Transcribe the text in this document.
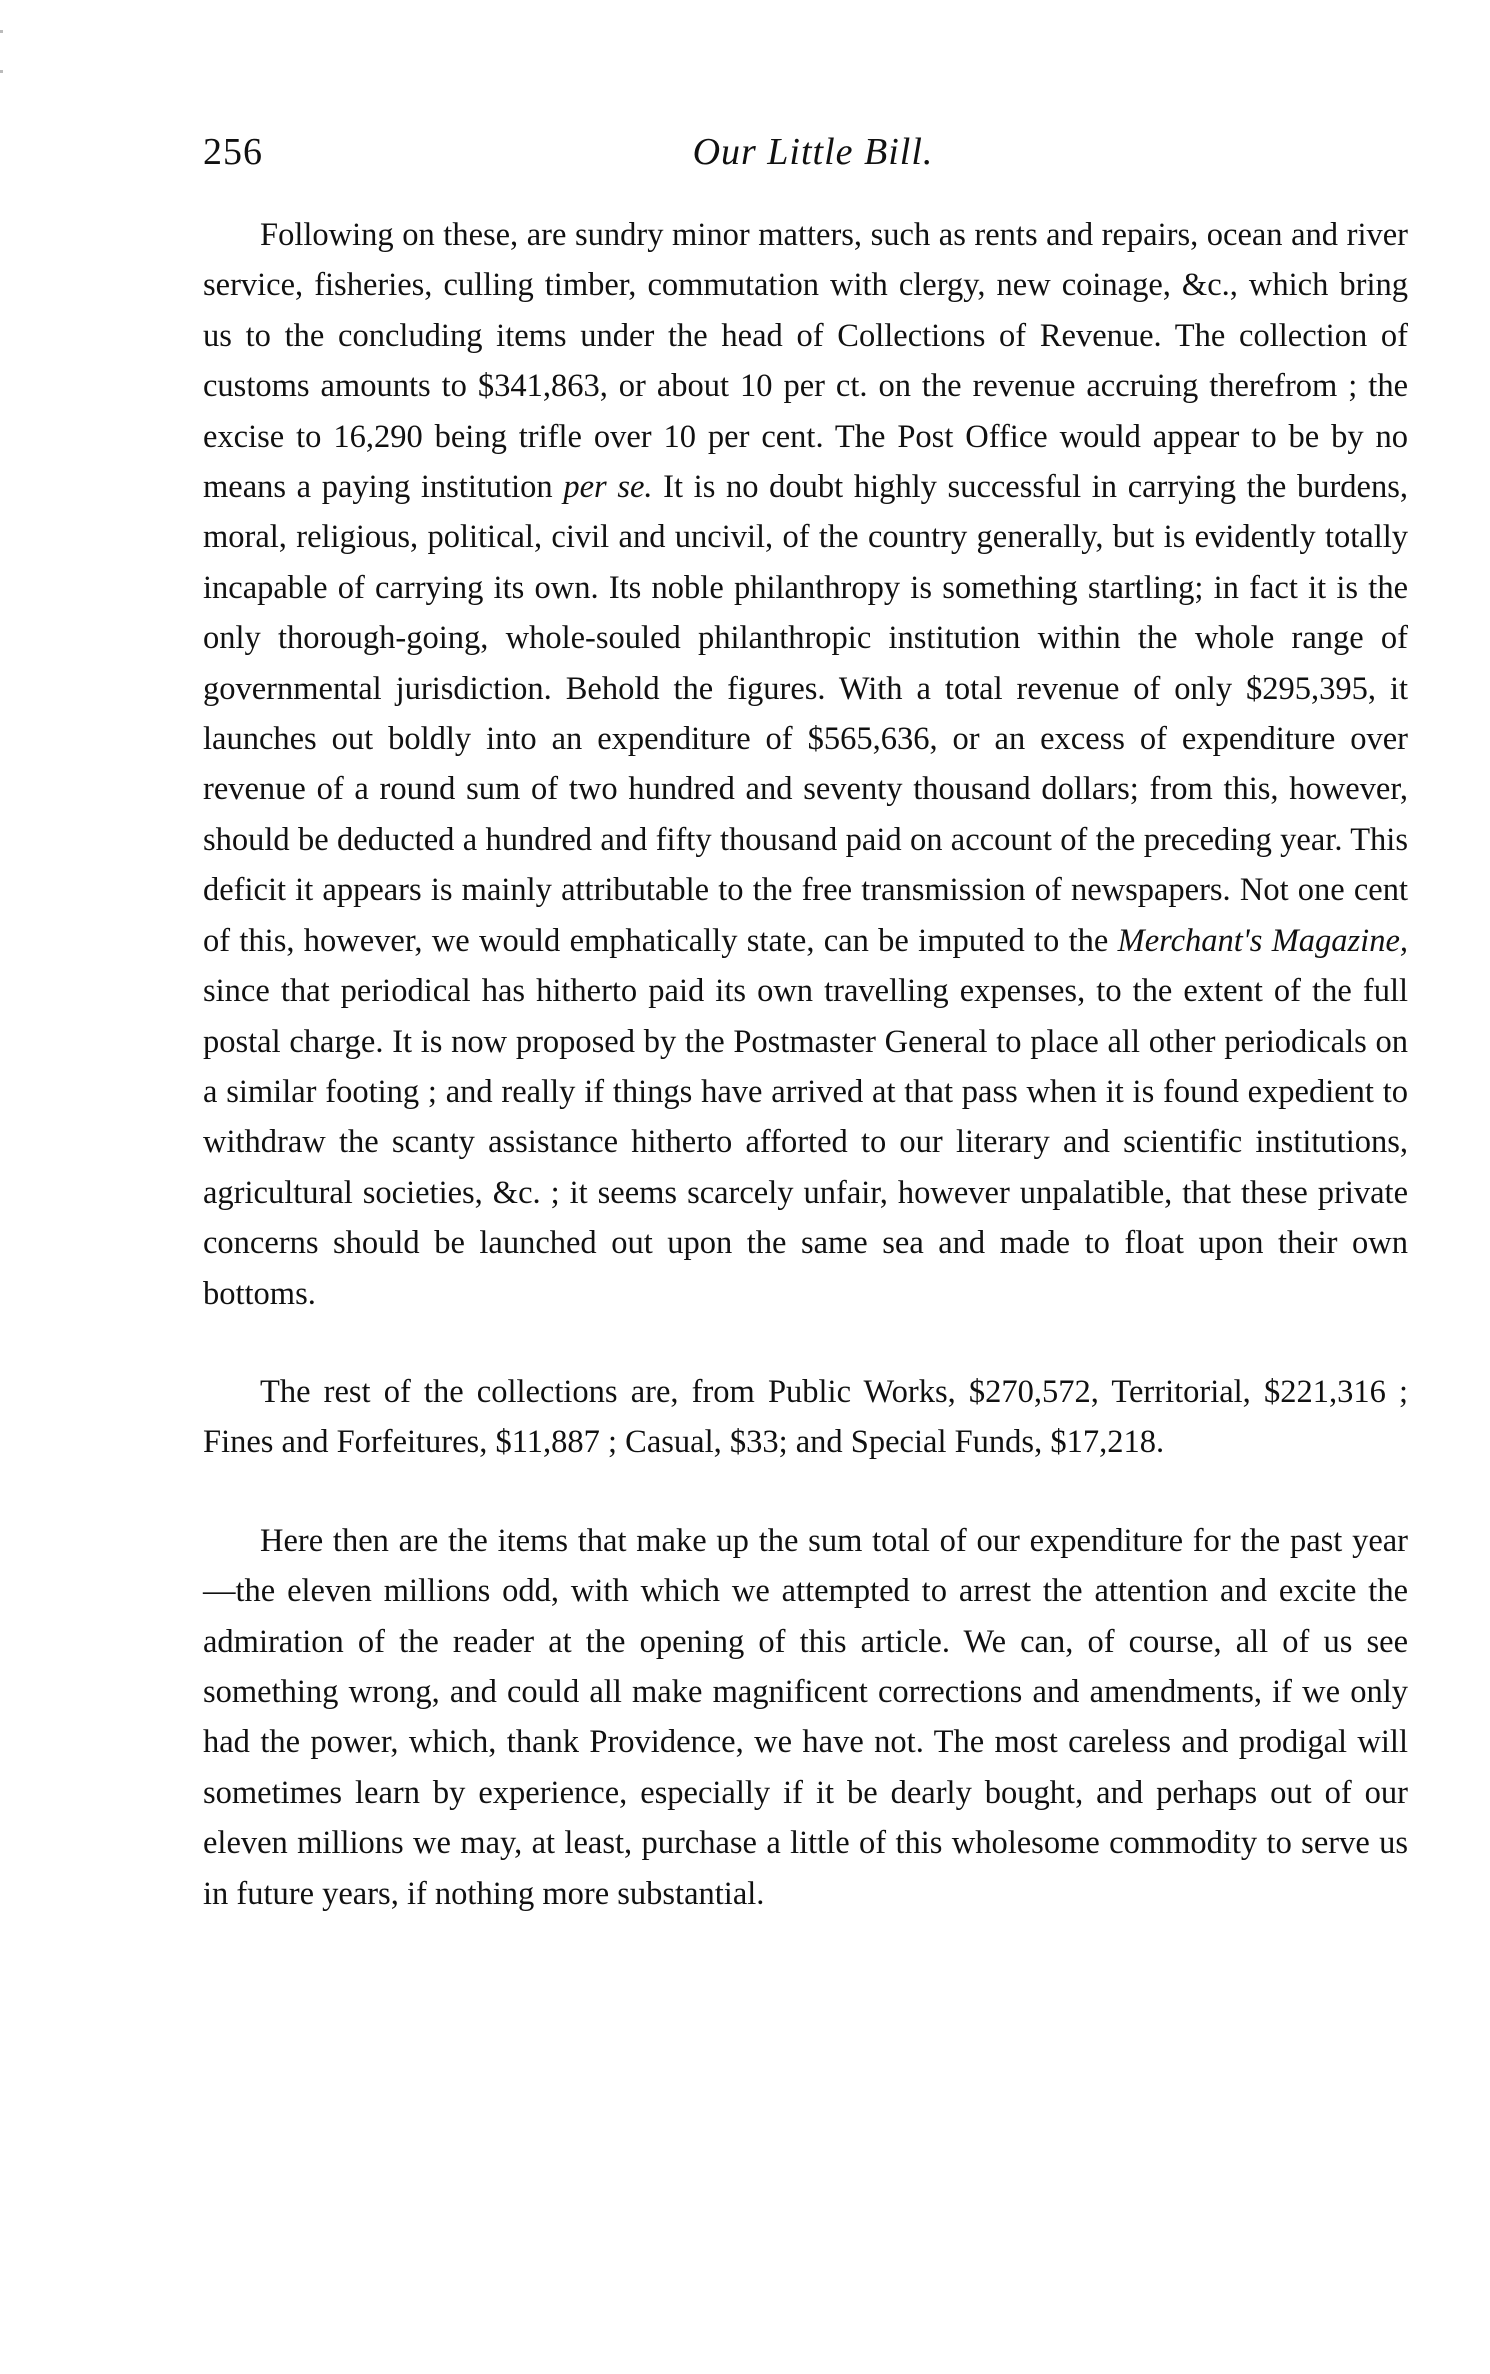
256	Our Little Bill.

Following on these, are sundry minor matters, such as rents and repairs, ocean and river service, fisheries, culling timber, commutation with clergy, new coinage, &c., which bring us to the concluding items under the head of Collections of Revenue. The collection of customs amounts to $341,863, or about 10 per ct. on the revenue accruing therefrom ; the excise to 16,290 being trifle over 10 per cent. The Post Office would appear to be by no means a paying institution per se. It is no doubt highly successful in carrying the burdens, moral, religious, political, civil and uncivil, of the country generally, but is evidently totally incapable of carrying its own. Its noble philanthropy is something startling; in fact it is the only thorough-going, whole-souled philanthropic institution within the whole range of governmental jurisdiction. Behold the figures. With a total revenue of only $295,395, it launches out boldly into an expenditure of $565,636, or an excess of expenditure over revenue of a round sum of two hundred and seventy thousand dollars; from this, however, should be deducted a hundred and fifty thousand paid on account of the preceding year. This deficit it appears is mainly attributable to the free transmission of newspapers. Not one cent of this, however, we would emphatically state, can be imputed to the Merchant's Magazine, since that periodical has hitherto paid its own travelling expenses, to the extent of the full postal charge. It is now proposed by the Postmaster General to place all other periodicals on a similar footing ; and really if things have arrived at that pass when it is found expedient to withdraw the scanty assistance hitherto afforted to our literary and scientific institutions, agricultural societies, &c. ; it seems scarcely unfair, however unpalatible, that these private concerns should be launched out upon the same sea and made to float upon their own bottoms.

The rest of the collections are, from Public Works, $270,572, Territorial, $221,316 ; Fines and Forfeitures, $11,887 ; Casual, $33; and Special Funds, $17,218.

Here then are the items that make up the sum total of our expenditure for the past year—the eleven millions odd, with which we attempted to arrest the attention and excite the admiration of the reader at the opening of this article. We can, of course, all of us see something wrong, and could all make magnificent corrections and amendments, if we only had the power, which, thank Providence, we have not. The most careless and prodigal will sometimes learn by experience, especially if it be dearly bought, and perhaps out of our eleven millions we may, at least, purchase a little of this wholesome commodity to serve us in future years, if nothing more substantial.
